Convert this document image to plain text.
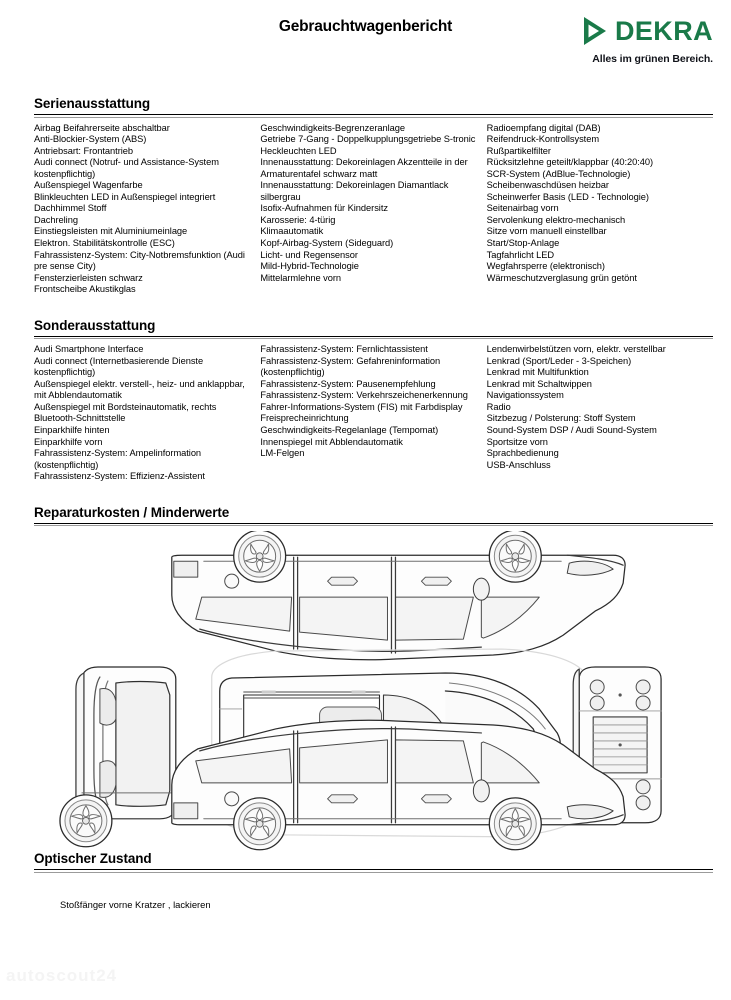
Gebrauchtwagenbericht	DEKRA
Alles im grünen Bereich.
Serienausstattung
Airbag Beifahrerseite abschaltbar
Anti-Blockier-System (ABS)
Antriebsart: Frontantrieb
Audi connect (Notruf- und Assistance-System kostenpflichtig)
Außenspiegel Wagenfarbe
Blinkleuchten LED in Außenspiegel integriert
Dachhimmel Stoff
Dachreling
Einstiegsleisten mit Aluminiumeinlage
Elektron. Stabilitätskontrolle (ESC)
Fahrassistenz-System: City-Notbremsfunktion (Audi pre sense City)
Fensterzierleisten schwarz
Frontscheibe Akustikglas
Geschwindigkeits-Begrenzeranlage
Getriebe 7-Gang - Doppelkupplungsgetriebe S-tronic
Heckleuchten LED
Innenausstattung: Dekoreinlagen Akzentteile in der Armaturentafel schwarz matt
Innenausstattung: Dekoreinlagen Diamantlack silbergrau
Isofix-Aufnahmen für Kindersitz
Karosserie: 4-türig
Klimaautomatik
Kopf-Airbag-System (Sideguard)
Licht- und Regensensor
Mild-Hybrid-Technologie
Mittelarmlehne vorn
Radioempfang digital (DAB)
Reifendruck-Kontrollsystem
Rußpartikelfilter
Rücksitzlehne geteilt/klappbar (40:20:40)
SCR-System (AdBlue-Technologie)
Scheibenwaschdüsen heizbar
Scheinwerfer Basis (LED - Technologie)
Seitenairbag vorn
Servolenkung elektro-mechanisch
Sitze vorn manuell einstellbar
Start/Stop-Anlage
Tagfahrlicht LED
Wegfahrsperre (elektronisch)
Wärmeschutzverglasung grün getönt
Sonderausstattung
Audi Smartphone Interface
Audi connect (Internetbasierende Dienste kostenpflichtig)
Außenspiegel elektr. verstell-, heiz- und anklappbar, mit Abblendautomatik
Außenspiegel mit Bordsteinautomatik, rechts
Bluetooth-Schnittstelle
Einparkhilfe hinten
Einparkhilfe vorn
Fahrassistenz-System: Ampelinformation (kostenpflichtig)
Fahrassistenz-System: Effizienz-Assistent
Fahrassistenz-System: Fernlichtassistent
Fahrassistenz-System: Gefahreninformation (kostenpflichtig)
Fahrassistenz-System: Pausenempfehlung
Fahrassistenz-System: Verkehrszeichenerkennung
Fahrer-Informations-System (FIS) mit Farbdisplay
Freisprecheinrichtung
Geschwindigkeits-Regelanlage (Tempomat)
Innenspiegel mit Abblendautomatik
LM-Felgen
Lendenwirbelstützen vorn, elektr. verstellbar
Lenkrad (Sport/Leder - 3-Speichen)
Lenkrad mit Multifunktion
Lenkrad mit Schaltwippen
Navigationssystem
Radio
Sitzbezug / Polsterung: Stoff System
Sound-System DSP / Audi Sound-System
Sportsitze vorn
Sprachbedienung
USB-Anschluss
Reparaturkosten / Minderwerte
Optischer Zustand
Stoßfänger vorne Kratzer , lackieren
autoscout24
